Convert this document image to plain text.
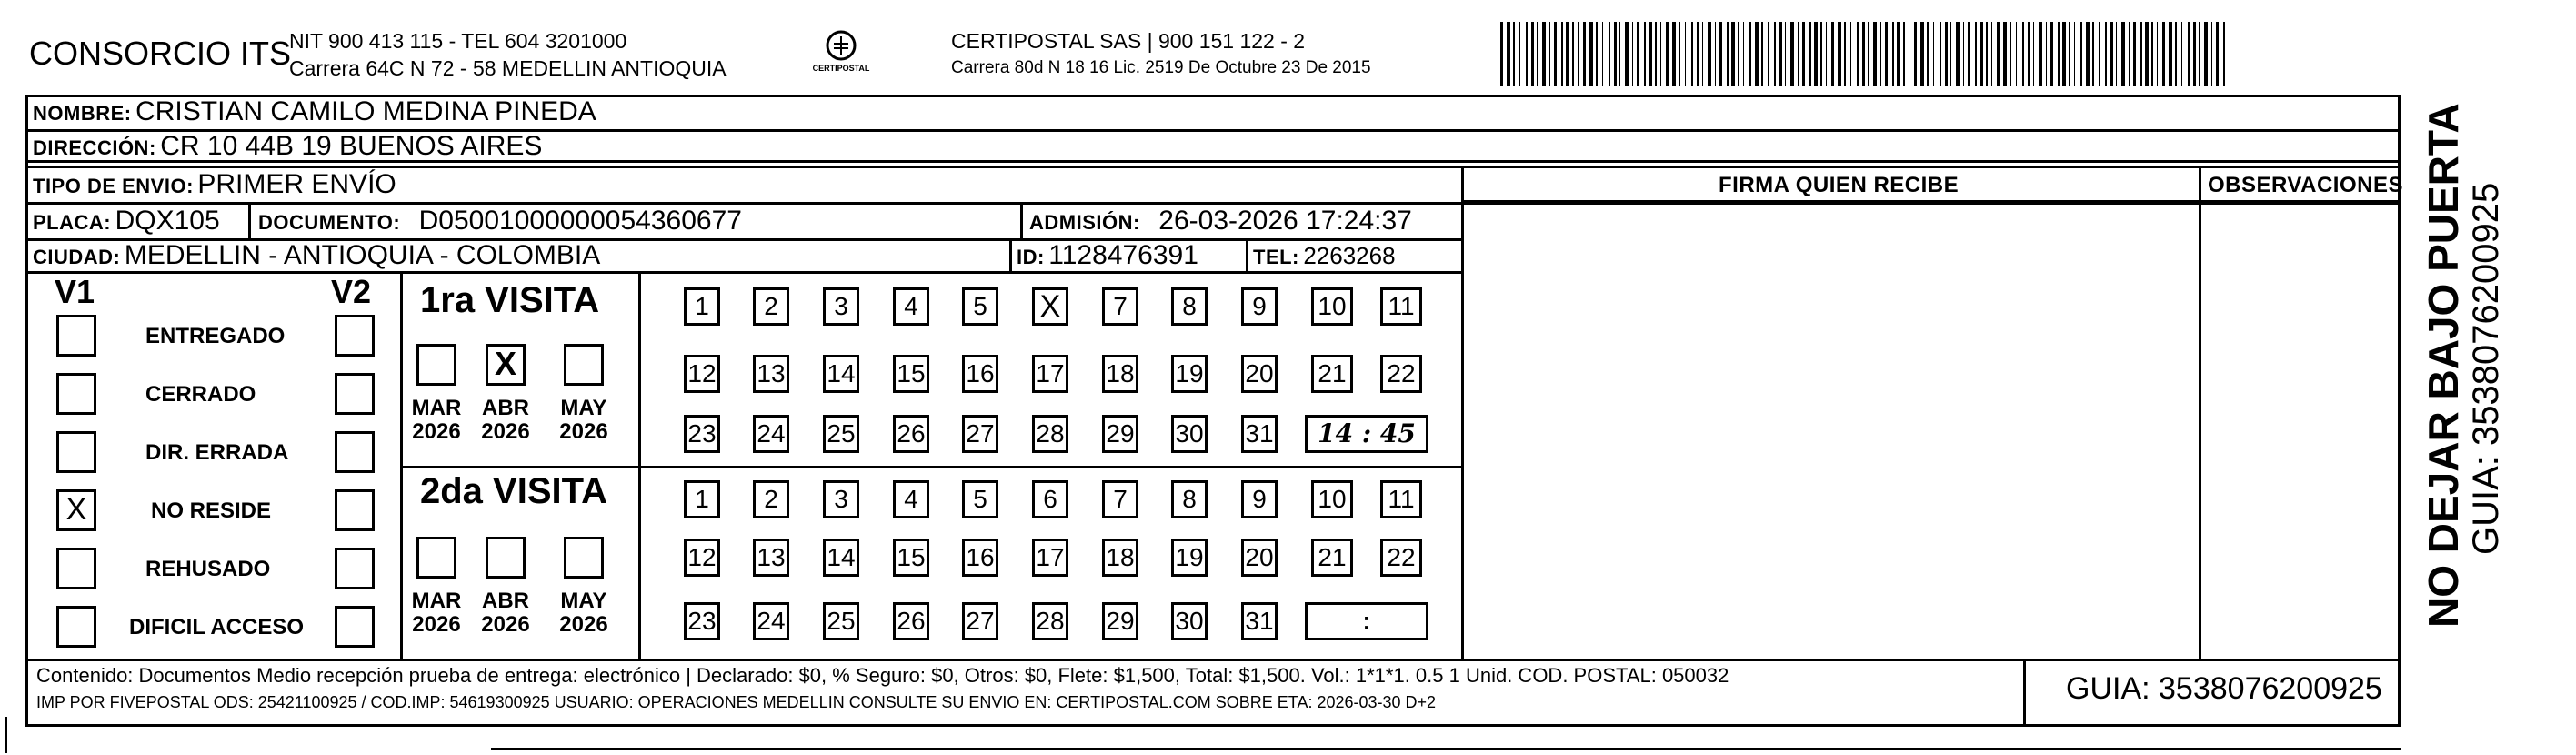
CONSORCIO ITS
NIT 900 413 115 - TEL 604 3201000
Carrera 64C N 72 - 58 MEDELLIN ANTIOQUIA	CERTIPOSTAL
CERTIPOSTAL SAS | 900 151 122 - 2
Carrera 80d N 18 16 Lic. 2519 De Octubre 23 De 2015
NOMBRE: CRISTIAN CAMILO MEDINA PINEDA
DIRECCIÓN: CR 10 44B 19 BUENOS AIRES
TIPO DE ENVIO: PRIMER ENVÍO
PLACA: DQX105 DOCUMENTO: D05001000000054360677	ADMISIÓN: 26-03-2026 17:24:37
CIUDAD: MEDELLIN - ANTIOQUIA - COLOMBIA	ID: 1128476391	TEL: 2263268
FIRMA QUIEN RECIBE	OBSERVACIONES
V1	V2
ENTREGADO
CERRADO
DIR. ERRADA
X	NO RESIDE
REHUSADO
DIFICIL ACCESO
1ra VISITA
2da VISITA
MAR
2026
X
ABR
2026
MAY
2026
MAR
2026
ABR
2026
MAY
2026
1	2	3	4	5	X	7	8	9	10	11
12 13 14 15 16 17 18 19 20 21 22
23 24 25 26 27 28 29 30 31	14 : 45
1	2	3	4	5	6	7	8	9	10	11
12 13 14 15 16 17 18 19 20 21 22
23 24 25 26 27 28 29 30 31	:
Contenido: Documentos Medio recepción prueba de entrega: electrónico | Declarado: $0, % Seguro: $0, Otros: $0, Flete: $1,500, Total: $1,500. Vol.: 1*1*1. 0.5 1 Unid. COD. POSTAL: 050032
IMP POR FIVEPOSTAL ODS: 25421100925 / COD.IMP: 54619300925 USUARIO: OPERACIONES MEDELLIN CONSULTE SU ENVIO EN: CERTIPOSTAL.COM SOBRE ETA: 2026-03-30 D+2	GUIA: 3538076200925
NO DEJAR BAJO PUERTA GUIA: 3538076200925
